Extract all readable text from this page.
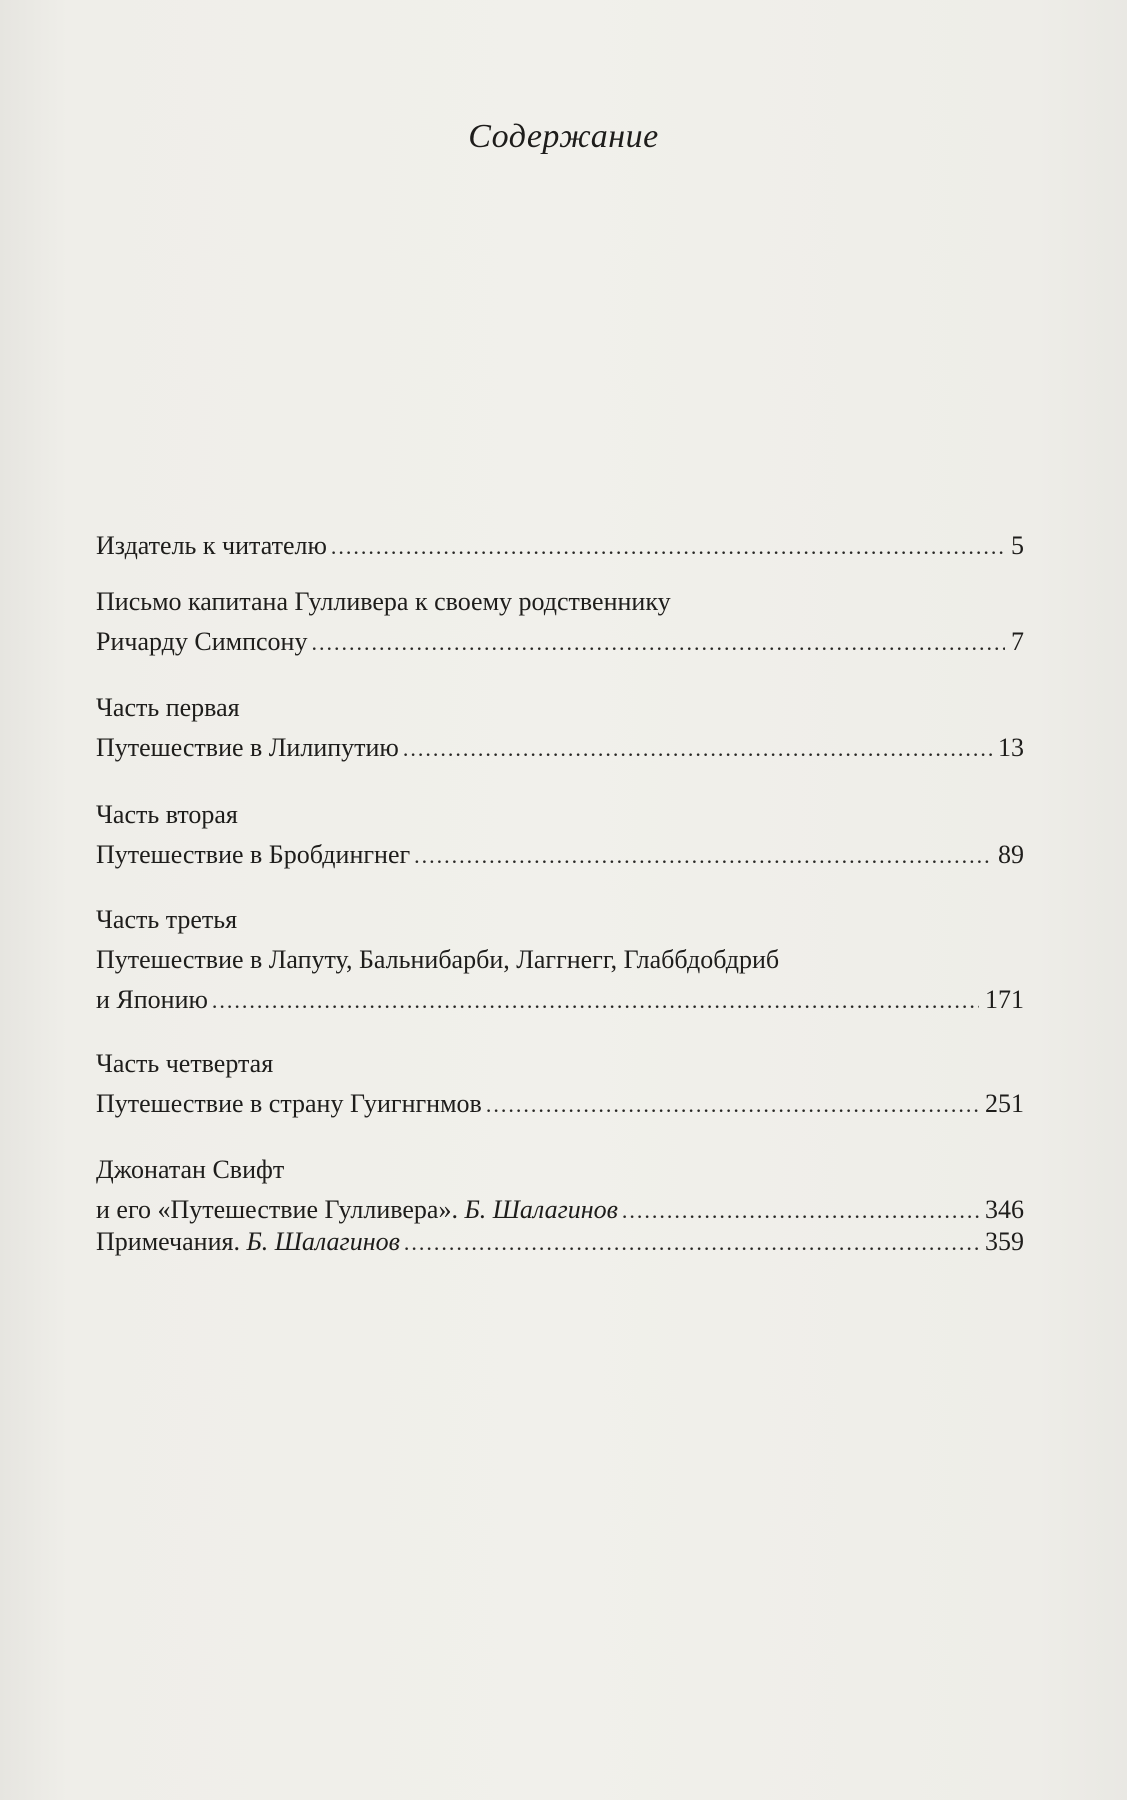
Содержание
Издатель к читателю .....	5
Письмо капитана Гулливера к своему родственнику
Ричарду Симпсону .....	7
Часть первая
Путешествие в Лилипутию .....	13
Часть вторая
Путешествие в Бробдингнег .....	89
Часть третья
Путешествие в Лапуту, Бальнибарби, Лаггнегг, Глаббдобдриб
и Японию .....	171
Часть четвертая
Путешествие в страну Гуигнгнмов .....	251
Джонатан Свифт
и его «Путешествие Гулливера». Б. Шалагинов .....	346
Примечания. Б. Шалагинов .....	359
